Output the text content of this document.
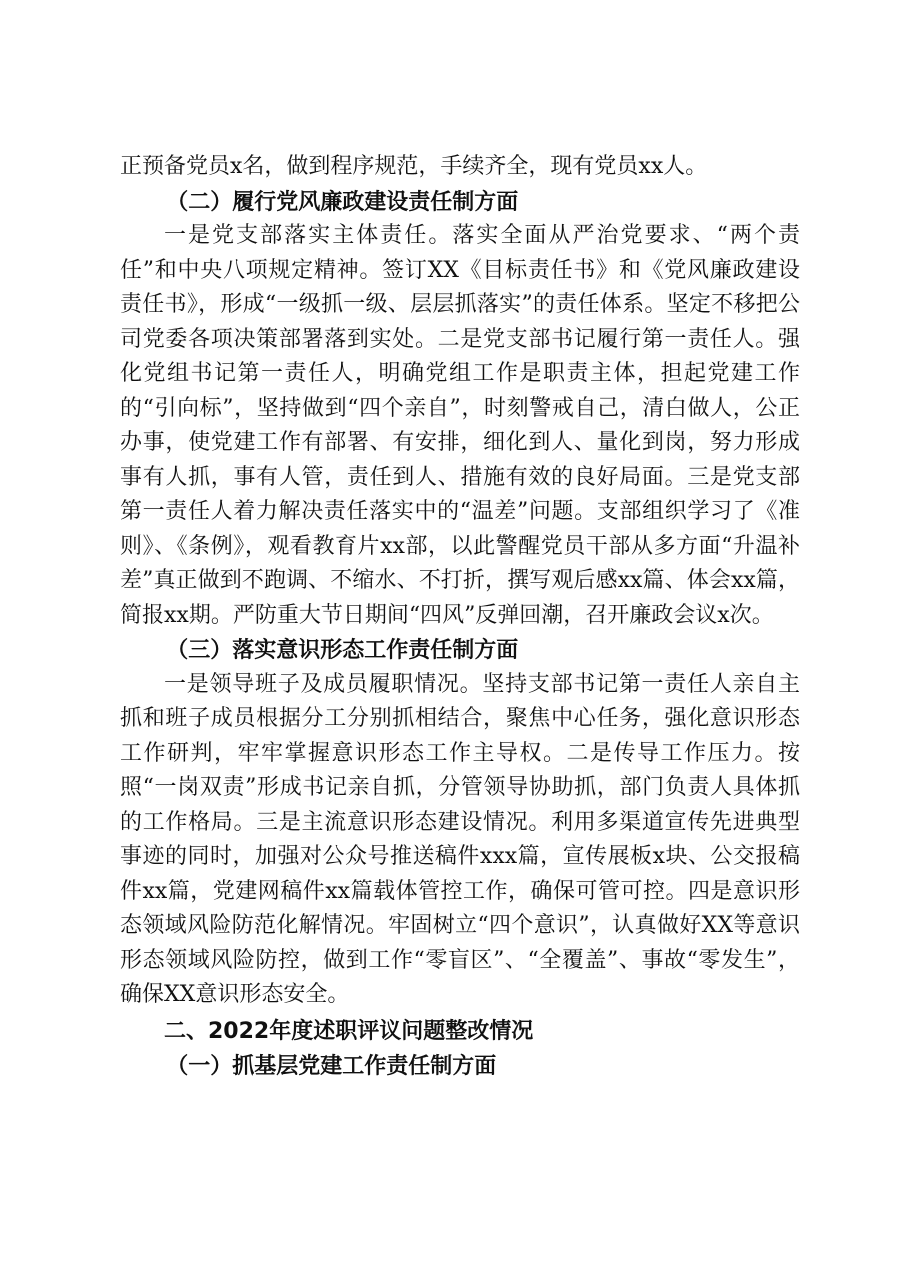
正预备党员x名，做到程序规范，手续齐全，现有党员xx人。

（二）履行党风廉政建设责任制方面

一是党支部落实主体责任。落实全面从严治党要求、“两个责任”和中央八项规定精神。签订XX《目标责任书》和《党风廉政建设责任书》，形成“一级抓一级、层层抓落实”的责任体系。坚定不移把公司党委各项决策部署落到实处。二是党支部书记履行第一责任人。强化党组书记第一责任人，明确党组工作是职责主体，担起党建工作的“引向标”，坚持做到“四个亲自”，时刻警戒自己，清白做人，公正办事，使党建工作有部署、有安排，细化到人、量化到岗，努力形成事有人抓，事有人管，责任到人、措施有效的良好局面。三是党支部第一责任人着力解决责任落实中的“温差”问题。支部组织学习了《准则》、《条例》，观看教育片xx部，以此警醒党员干部从多方面“升温补差”真正做到不跑调、不缩水、不打折，撰写观后感xx篇、体会xx篇，简报xx期。严防重大节日期间“四风”反弹回潮，召开廉政会议x次。

（三）落实意识形态工作责任制方面

一是领导班子及成员履职情况。坚持支部书记第一责任人亲自主抓和班子成员根据分工分别抓相结合，聚焦中心任务，强化意识形态工作研判，牢牢掌握意识形态工作主导权。二是传导工作压力。按照“一岗双责”形成书记亲自抓，分管领导协助抓，部门负责人具体抓的工作格局。三是主流意识形态建设情况。利用多渠道宣传先进典型事迹的同时，加强对公众号推送稿件xxx篇，宣传展板x块、公交报稿件xx篇，党建网稿件xx篇载体管控工作，确保可管可控。四是意识形态领域风险防范化解情况。牢固树立“四个意识”，认真做好XX等意识形态领域风险防控，做到工作“零盲区”、“全覆盖”、事故“零发生”，确保XX意识形态安全。

二、2022年度述职评议问题整改情况

（一）抓基层党建工作责任制方面
